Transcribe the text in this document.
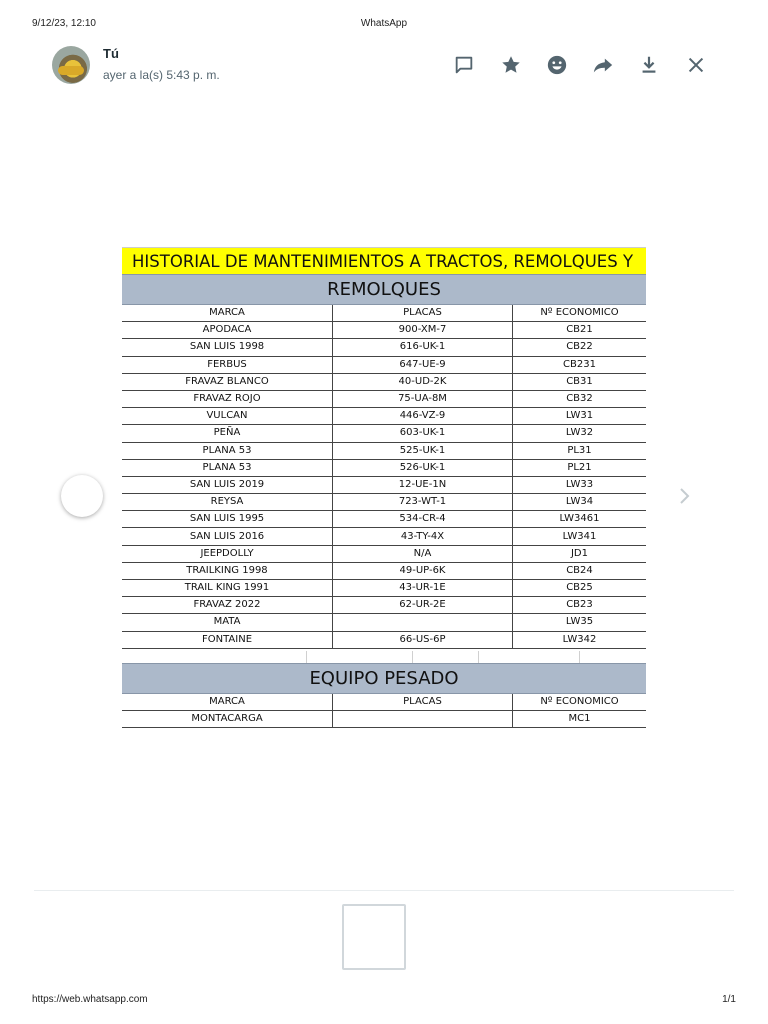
9/12/23, 12:10	WhatsApp
Tú
ayer a la(s) 5:43 p. m.
HISTORIAL DE MANTENIMIENTOS A TRACTOS, REMOLQUES Y
REMOLQUES
MARCA	PLACAS	Nº ECONOMICO
APODACA	900-XM-7	CB21
SAN LUIS 1998	616-UK-1	CB22
FERBUS	647-UE-9	CB231
FRAVAZ BLANCO	40-UD-2K	CB31
FRAVAZ ROJO	75-UA-8M	CB32
VULCAN	446-VZ-9	LW31
PEÑA	603-UK-1	LW32
PLANA 53	525-UK-1	PL31
PLANA 53	526-UK-1	PL21
SAN LUIS 2019	12-UE-1N	LW33
REYSA	723-WT-1	LW34
SAN LUIS 1995	534-CR-4	LW3461
SAN LUIS 2016	43-TY-4X	LW341
JEEPDOLLY	N/A	JD1
TRAILKING 1998	49-UP-6K	CB24
TRAIL KING 1991	43-UR-1E	CB25
FRAVAZ 2022	62-UR-2E	CB23
MATA		LW35
FONTAINE	66-US-6P	LW342
EQUIPO PESADO
MARCA	PLACAS	Nº ECONOMICO
MONTACARGA		MC1
https://web.whatsapp.com	1/1
